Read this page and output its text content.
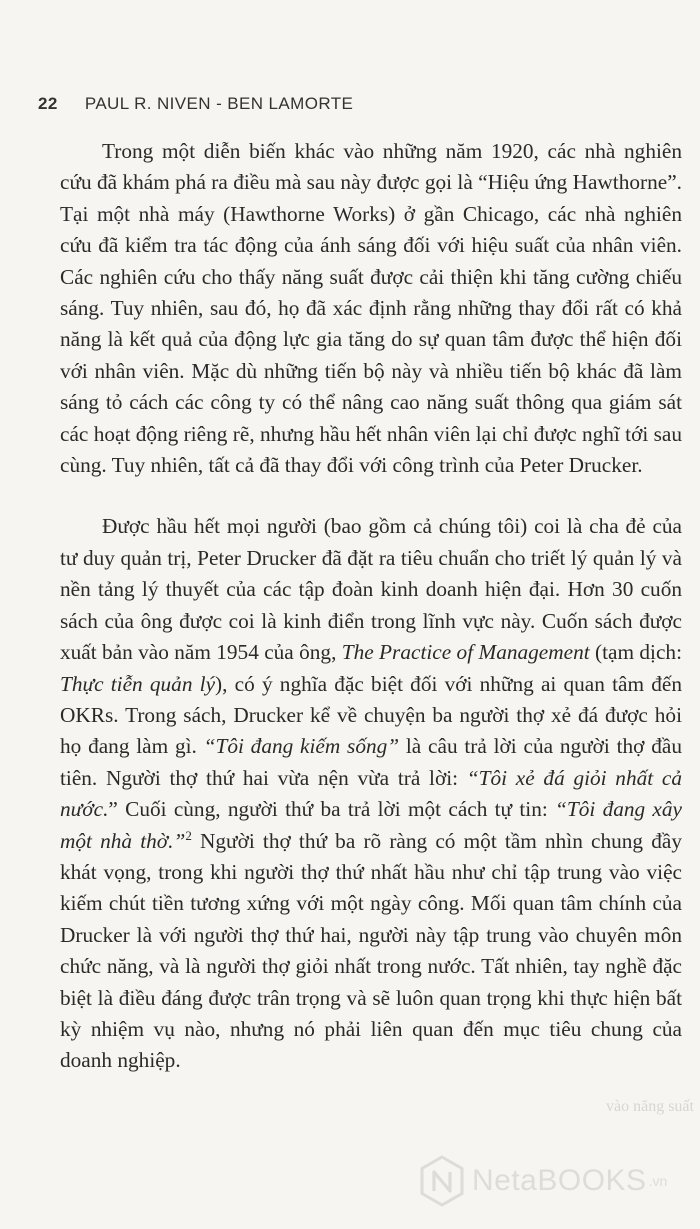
22 PAUL R. NIVEN - BEN LAMORTE

Trong một diễn biến khác vào những năm 1920, các nhà nghiên cứu đã khám phá ra điều mà sau này được gọi là “Hiệu ứng Hawthorne”. Tại một nhà máy (Hawthorne Works) ở gần Chicago, các nhà nghiên cứu đã kiểm tra tác động của ánh sáng đối với hiệu suất của nhân viên. Các nghiên cứu cho thấy năng suất được cải thiện khi tăng cường chiếu sáng. Tuy nhiên, sau đó, họ đã xác định rằng những thay đổi rất có khả năng là kết quả của động lực gia tăng do sự quan tâm được thể hiện đối với nhân viên. Mặc dù những tiến bộ này và nhiều tiến bộ khác đã làm sáng tỏ cách các công ty có thể nâng cao năng suất thông qua giám sát các hoạt động riêng rẽ, nhưng hầu hết nhân viên lại chỉ được nghĩ tới sau cùng. Tuy nhiên, tất cả đã thay đổi với công trình của Peter Drucker.

Được hầu hết mọi người (bao gồm cả chúng tôi) coi là cha đẻ của tư duy quản trị, Peter Drucker đã đặt ra tiêu chuẩn cho triết lý quản lý và nền tảng lý thuyết của các tập đoàn kinh doanh hiện đại. Hơn 30 cuốn sách của ông được coi là kinh điển trong lĩnh vực này. Cuốn sách được xuất bản vào năm 1954 của ông, The Practice of Management (tạm dịch: Thực tiễn quản lý), có ý nghĩa đặc biệt đối với những ai quan tâm đến OKRs. Trong sách, Drucker kể về chuyện ba người thợ xẻ đá được hỏi họ đang làm gì. “Tôi đang kiếm sống” là câu trả lời của người thợ đầu tiên. Người thợ thứ hai vừa nện vừa trả lời: “Tôi xẻ đá giỏi nhất cả nước.” Cuối cùng, người thứ ba trả lời một cách tự tin: “Tôi đang xây một nhà thờ.”$^2$ Người thợ thứ ba rõ ràng có một tầm nhìn chung đầy khát vọng, trong khi người thợ thứ nhất hầu như chỉ tập trung vào việc kiếm chút tiền tương xứng với một ngày công. Mối quan tâm chính của Drucker là với người thợ thứ hai, người này tập trung vào chuyên môn chức năng, và là người thợ giỏi nhất trong nước. Tất nhiên, tay nghề đặc biệt là điều đáng được trân trọng và sẽ luôn quan trọng khi thực hiện bất kỳ nhiệm vụ nào, nhưng nó phải liên quan đến mục tiêu chung của doanh nghiệp.

vào năng suất
NetaBOOKS .vn
